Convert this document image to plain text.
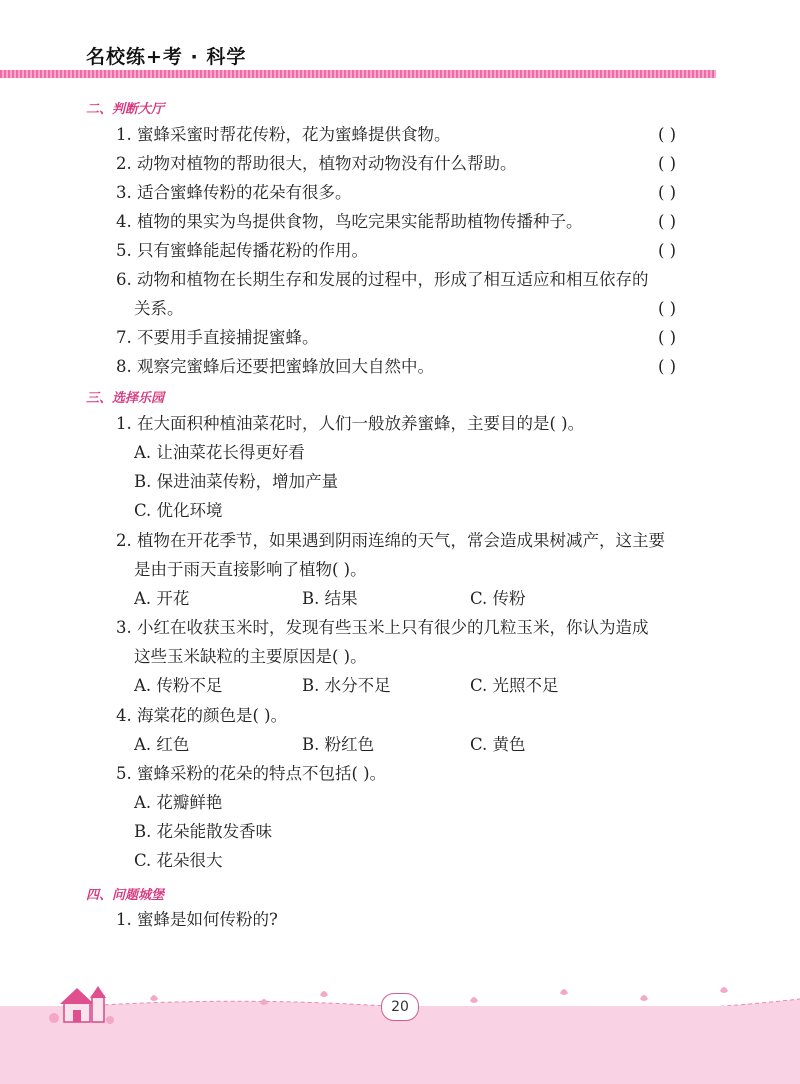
名校练+考 · 科学
二、判断大厅
1. 蜜蜂采蜜时帮花传粉，花为蜜蜂提供食物。	( )
2. 动物对植物的帮助很大，植物对动物没有什么帮助。	( )
3. 适合蜜蜂传粉的花朵有很多。	( )
4. 植物的果实为鸟提供食物，鸟吃完果实能帮助植物传播种子。	( )
5. 只有蜜蜂能起传播花粉的作用。	( )
6. 动物和植物在长期生存和发展的过程中，形成了相互适应和相互依存的
关系。	( )
7. 不要用手直接捕捉蜜蜂。	( )
8. 观察完蜜蜂后还要把蜜蜂放回大自然中。	( )
三、选择乐园
1. 在大面积种植油菜花时，人们一般放养蜜蜂，主要目的是( )。
A. 让油菜花长得更好看
B. 保进油菜传粉，增加产量
C. 优化环境
2. 植物在开花季节，如果遇到阴雨连绵的天气，常会造成果树减产，这主要
是由于雨天直接影响了植物( )。
A. 开花	B. 结果	C. 传粉
3. 小红在收获玉米时，发现有些玉米上只有很少的几粒玉米，你认为造成
这些玉米缺粒的主要原因是( )。
A. 传粉不足	B. 水分不足	C. 光照不足
4. 海棠花的颜色是( )。
A. 红色	B. 粉红色	C. 黄色
5. 蜜蜂采粉的花朵的特点不包括( )。
A. 花瓣鲜艳
B. 花朵能散发香味
C. 花朵很大
四、问题城堡
1. 蜜蜂是如何传粉的?
20
